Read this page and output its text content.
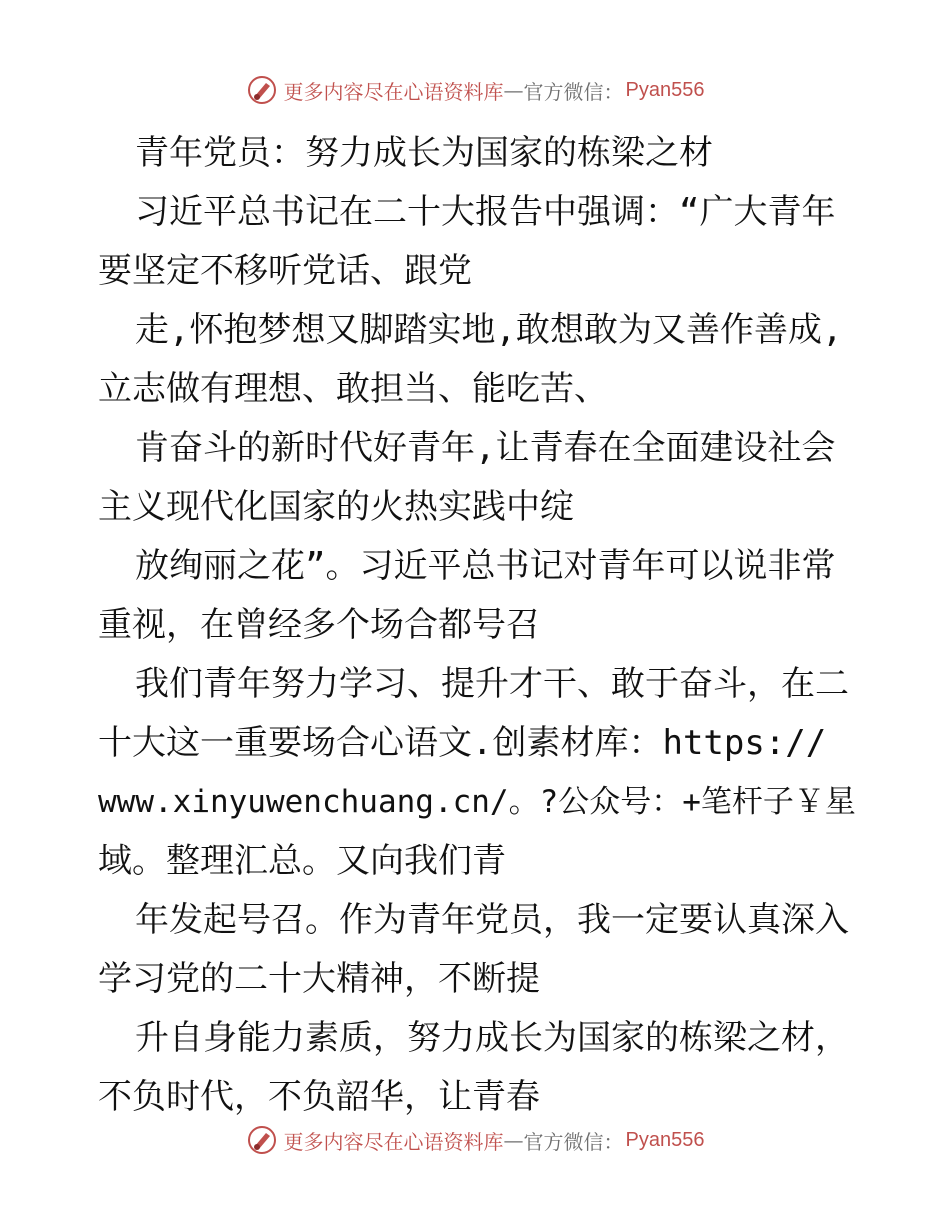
更多内容尽在心语资料库 — 官方微信： Pyan556
青年党员：努力成长为国家的栋梁之材
习近平总书记在二十大报告中强调：“广大青年
要坚定不移听党话、跟党
走,怀抱梦想又脚踏实地,敢想敢为又善作善成,
立志做有理想、敢担当、能吃苦、
肯奋斗的新时代好青年,让青春在全面建设社会
主义现代化国家的火热实践中绽
放绚丽之花”。习近平总书记对青年可以说非常
重视，在曾经多个场合都号召
我们青年努力学习、提升才干、敢于奋斗，在二
十大这一重要场合心语文.创素材库：https://
www.xinyuwenchuang.cn/。?公众号：+笔杆子￥星
域。整理汇总。又向我们青
年发起号召。作为青年党员，我一定要认真深入
学习党的二十大精神，不断提
升自身能力素质，努力成长为国家的栋梁之材，
不负时代，不负韶华，让青春
更多内容尽在心语资料库 — 官方微信： Pyan556
